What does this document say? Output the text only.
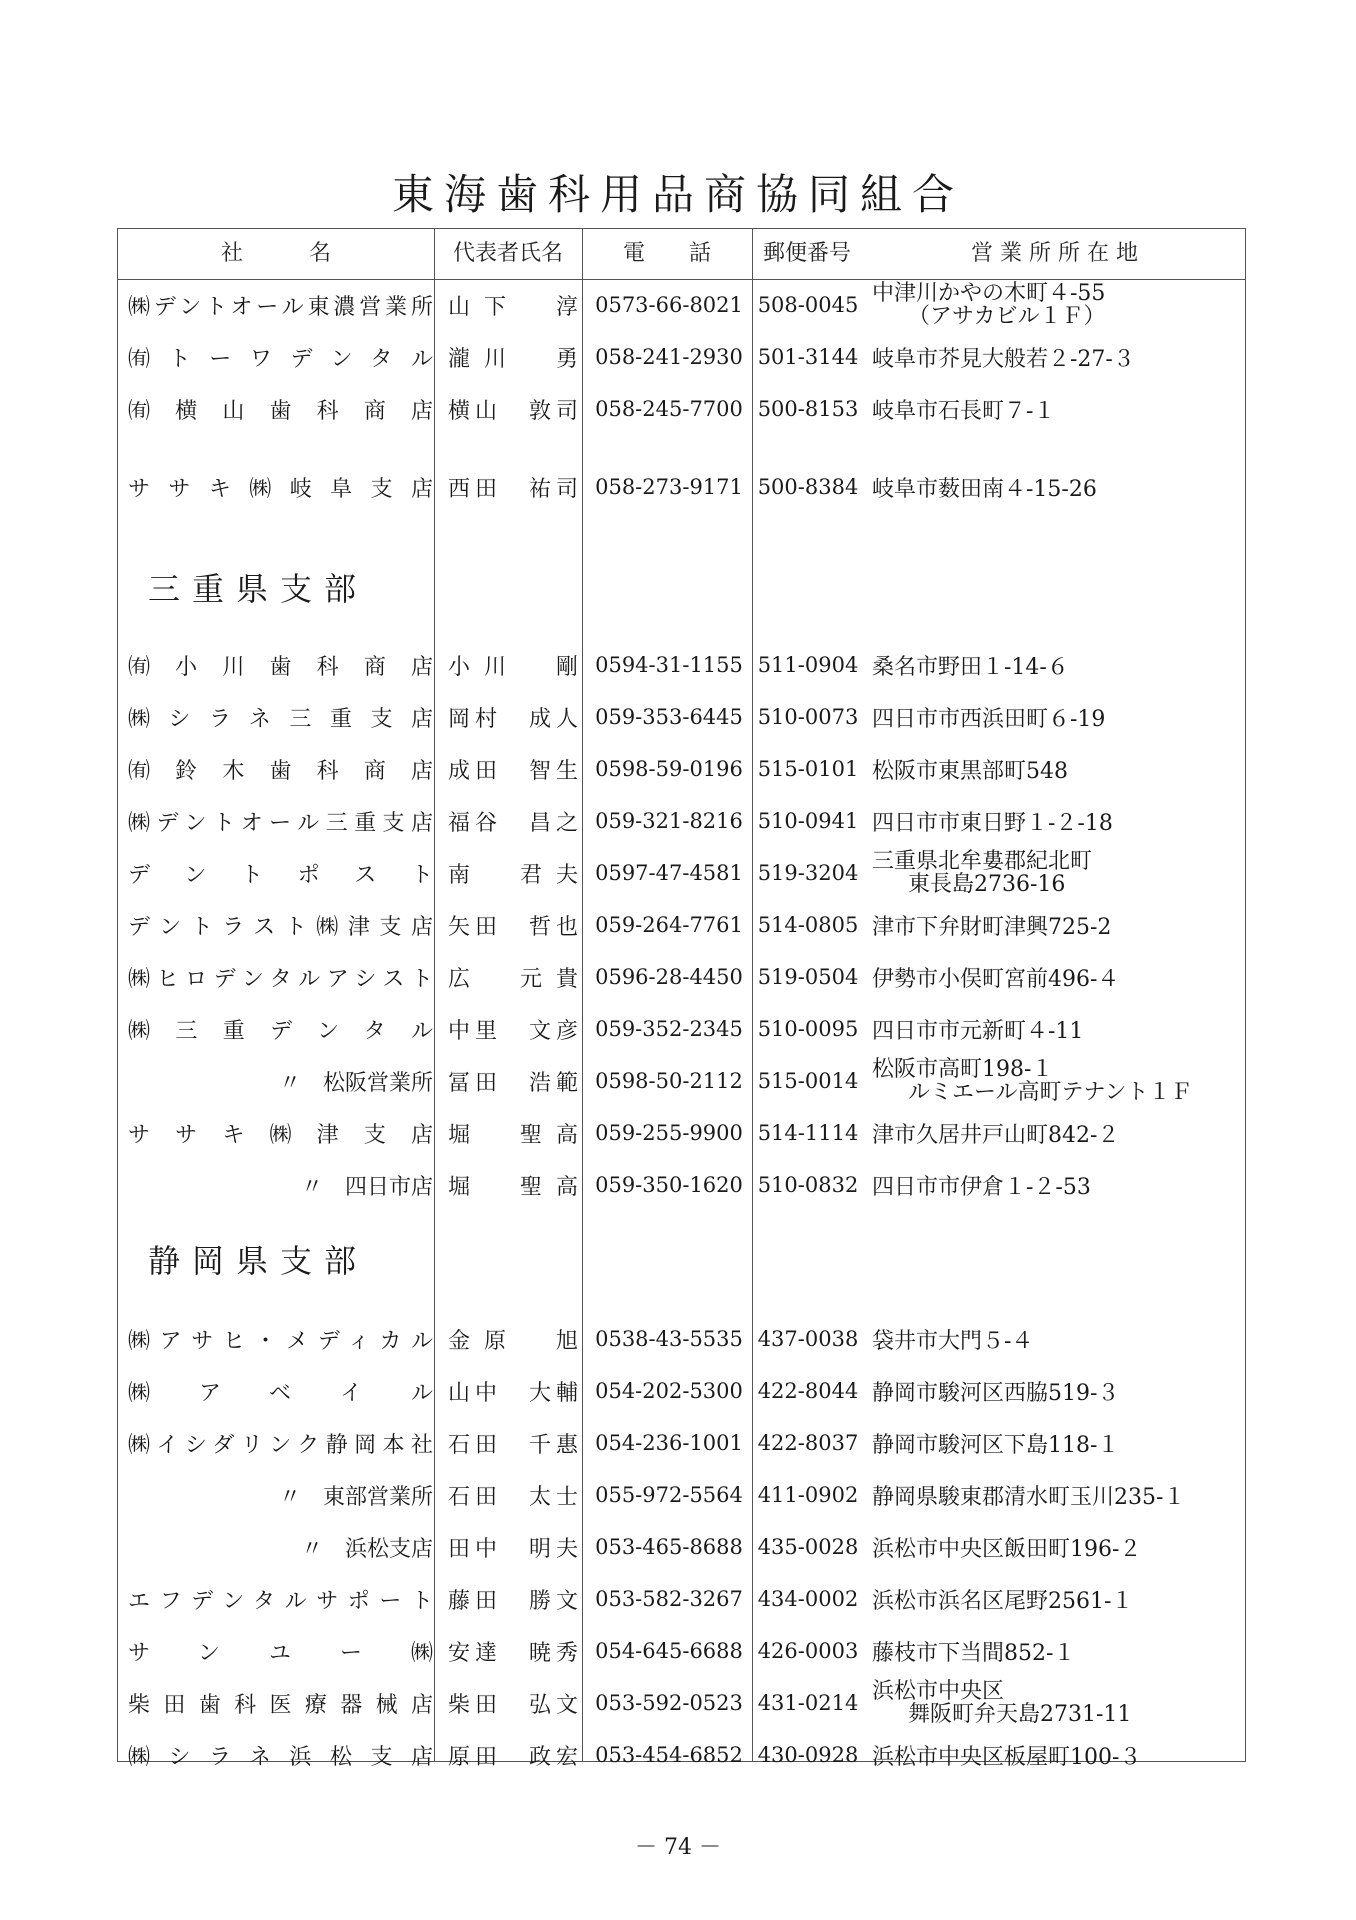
東海歯科用品商協同組合
社　　　名	代表者氏名	電　　話	郵便番号	営 業 所 所 在 地
㈱デントオール東濃営業所 山下　淳 0573-66-8021 508-0045 中津川かやの木町４-55
（アサカビル１Ｆ）
㈲トーワデンタル 瀧川　勇 058-241-2930 501-3144 岐阜市芥見大般若２-27-３
㈲横山歯科商店 横山　敦司 058-245-7700 500-8153 岐阜市石長町７-１
ササキ㈱岐阜支店 西田　祐司 058-273-9171 500-8384 岐阜市薮田南４-15-26
㈲小川歯科商店 小川　剛 0594-31-1155 511-0904 桑名市野田１-14-６
㈱シラネ三重支店 岡村　成人 059-353-6445 510-0073 四日市市西浜田町６-19
㈲鈴木歯科商店 成田　智生 0598-59-0196 515-0101 松阪市東黒部町548
㈱デントオール三重支店 福谷　昌之 059-321-8216 510-0941 四日市市東日野１-２-18
デントポスト 南　君夫 0597-47-4581 519-3204 三重県北牟婁郡紀北町
東長島2736-16
デントラスト㈱津支店 矢田　哲也 059-264-7761 514-0805 津市下弁財町津興725-2
㈱ヒロデンタルアシスト 広　元貴 0596-28-4450 519-0504 伊勢市小俣町宮前496-４
㈱三重デンタル 中里　文彦 059-352-2345 510-0095 四日市市元新町４-11
〃　松阪営業所 冨田　浩範 0598-50-2112 515-0014 松阪市高町198-１
ルミエール高町テナント１Ｆ
ササキ㈱津支店 堀　聖高 059-255-9900 514-1114 津市久居井戸山町842-２
〃　四日市店 堀　聖高 059-350-1620 510-0832 四日市市伊倉１-２-53
㈱アサヒ・メディカル 金原　旭 0538-43-5535 437-0038 袋井市大門５-４
㈱アベイル 山中　大輔 054-202-5300 422-8044 静岡市駿河区西脇519-３
㈱イシダリンク静岡本社 石田　千惠 054-236-1001 422-8037 静岡市駿河区下島118-１
〃　東部営業所 石田　太士 055-972-5564 411-0902 静岡県駿東郡清水町玉川235-１
〃　浜松支店 田中　明夫 053-465-8688 435-0028 浜松市中央区飯田町196-２
エフデンタルサポート 藤田　勝文 053-582-3267 434-0002 浜松市浜名区尾野2561-１
サンユー㈱ 安達　暁秀 054-645-6688 426-0003 藤枝市下当間852-１
柴田歯科医療器械店 柴田　弘文 053-592-0523 431-0214 浜松市中央区
舞阪町弁天島2731-11
㈱シラネ浜松支店 原田　政宏 053-454-6852 430-0928 浜松市中央区板屋町100-３
三重県支部
静岡県支部
－ 74 －
